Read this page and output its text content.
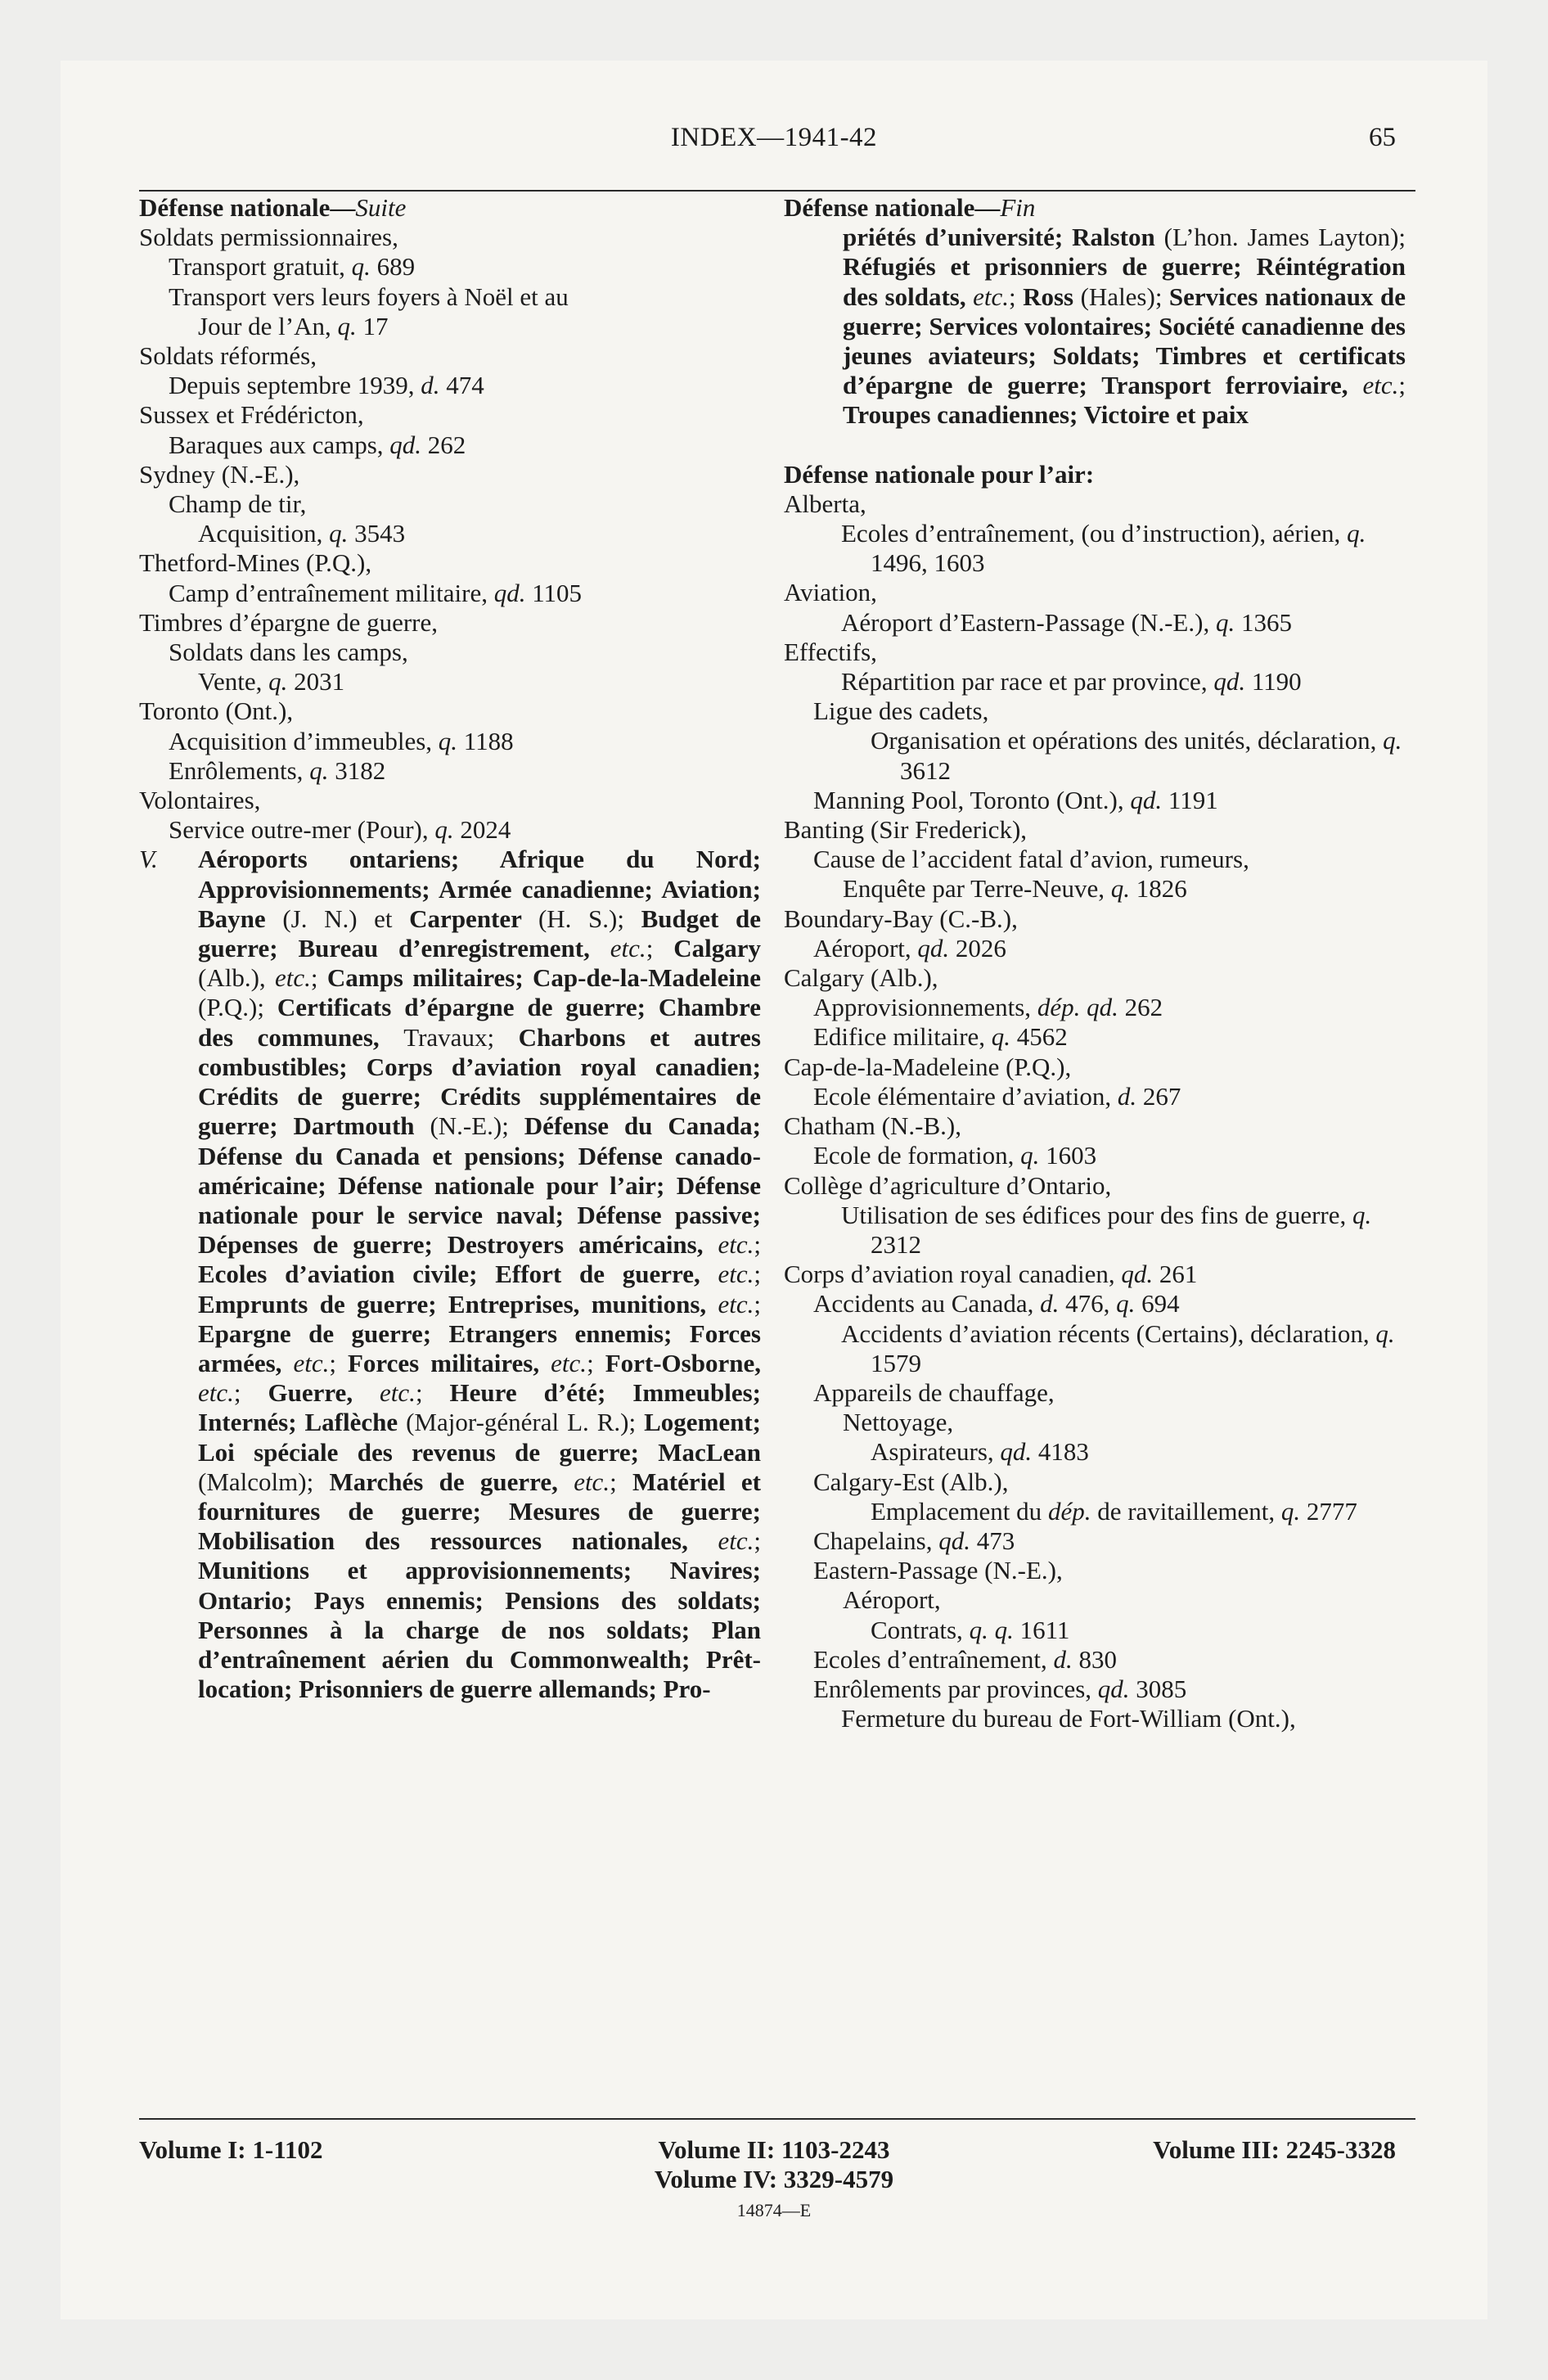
INDEX—1941-42	65
Défense nationale—Suite
Soldats permissionnaires,
Transport gratuit, q. 689
Transport vers leurs foyers à Noël et au
Jour de l’An, q. 17
Soldats réformés,
Depuis septembre 1939, d. 474
Sussex et Frédéricton,
Baraques aux camps, qd. 262
Sydney (N.-E.),
Champ de tir,
Acquisition, q. 3543
Thetford-Mines (P.Q.),
Camp d’entraînement militaire, qd. 1105
Timbres d’épargne de guerre,
Soldats dans les camps,
Vente, q. 2031
Toronto (Ont.),
Acquisition d’immeubles, q. 1188
Enrôlements, q. 3182
Volontaires,
Service outre-mer (Pour), q. 2024
V. Aéroports ontariens; Afrique du Nord; Approvisionnements; Armée canadienne; Aviation; Bayne (J. N.) et Carpenter (H. S.); Budget de guerre; Bureau d’enregistrement, etc.; Calgary (Alb.), etc.; Camps militaires; Cap-de-la-Madeleine (P.Q.); Certificats d’épargne de guerre; Chambre des communes, Travaux; Charbons et autres combustibles; Corps d’aviation royal canadien; Crédits de guerre; Crédits supplémentaires de guerre; Dartmouth (N.-E.); Défense du Canada; Défense du Canada et pensions; Défense canado-américaine; Défense nationale pour l’air; Défense nationale pour le service naval; Défense passive; Dépenses de guerre; Destroyers américains, etc.; Ecoles d’aviation civile; Effort de guerre, etc.; Emprunts de guerre; Entreprises, munitions, etc.; Epargne de guerre; Etrangers ennemis; Forces armées, etc.; Forces militaires, etc.; Fort-Osborne, etc.; Guerre, etc.; Heure d’été; Immeubles; Internés; Laflèche (Major-général L. R.); Logement; Loi spéciale des revenus de guerre; MacLean (Malcolm); Marchés de guerre, etc.; Matériel et fournitures de guerre; Mesures de guerre; Mobilisation des ressources nationales, etc.; Munitions et approvisionnements; Navires; Ontario; Pays ennemis; Pensions des soldats; Personnes à la charge de nos soldats; Plan d’entraînement aérien du Commonwealth; Prêt-location; Prisonniers de guerre allemands; Pro-
Défense nationale—Fin
priétés d’université; Ralston (L’hon. James Layton); Réfugiés et prisonniers de guerre; Réintégration des soldats, etc.; Ross (Hales); Services nationaux de guerre; Services volontaires; Société canadienne des jeunes aviateurs; Soldats; Timbres et certificats d’épargne de guerre; Transport ferroviaire, etc.; Troupes canadiennes; Victoire et paix
Défense nationale pour l’air:
Alberta,
Ecoles d’entraînement, (ou d’instruction), aérien, q. 1496, 1603
Aviation,
Aéroport d’Eastern-Passage (N.-E.), q. 1365
Effectifs,
Répartition par race et par province, qd. 1190
Ligue des cadets,
Organisation et opérations des unités, déclaration, q. 3612
Manning Pool, Toronto (Ont.), qd. 1191
Banting (Sir Frederick),
Cause de l’accident fatal d’avion, rumeurs,
Enquête par Terre-Neuve, q. 1826
Boundary-Bay (C.-B.),
Aéroport, qd. 2026
Calgary (Alb.),
Approvisionnements, dép. qd. 262
Edifice militaire, q. 4562
Cap-de-la-Madeleine (P.Q.),
Ecole élémentaire d’aviation, d. 267
Chatham (N.-B.),
Ecole de formation, q. 1603
Collège d’agriculture d’Ontario,
Utilisation de ses édifices pour des fins de guerre, q. 2312
Corps d’aviation royal canadien, qd. 261
Accidents au Canada, d. 476, q. 694
Accidents d’aviation récents (Certains), déclaration, q. 1579
Appareils de chauffage,
Nettoyage,
Aspirateurs, qd. 4183
Calgary-Est (Alb.),
Emplacement du dép. de ravitaillement, q. 2777
Chapelains, qd. 473
Eastern-Passage (N.-E.),
Aéroport,
Contrats, q. q. 1611
Ecoles d’entraînement, d. 830
Enrôlements par provinces, qd. 3085
Fermeture du bureau de Fort-William (Ont.),
Volume I: 1-1102	Volume II: 1103-2243	Volume III: 2245-3328
Volume IV: 3329-4579
14874—E
